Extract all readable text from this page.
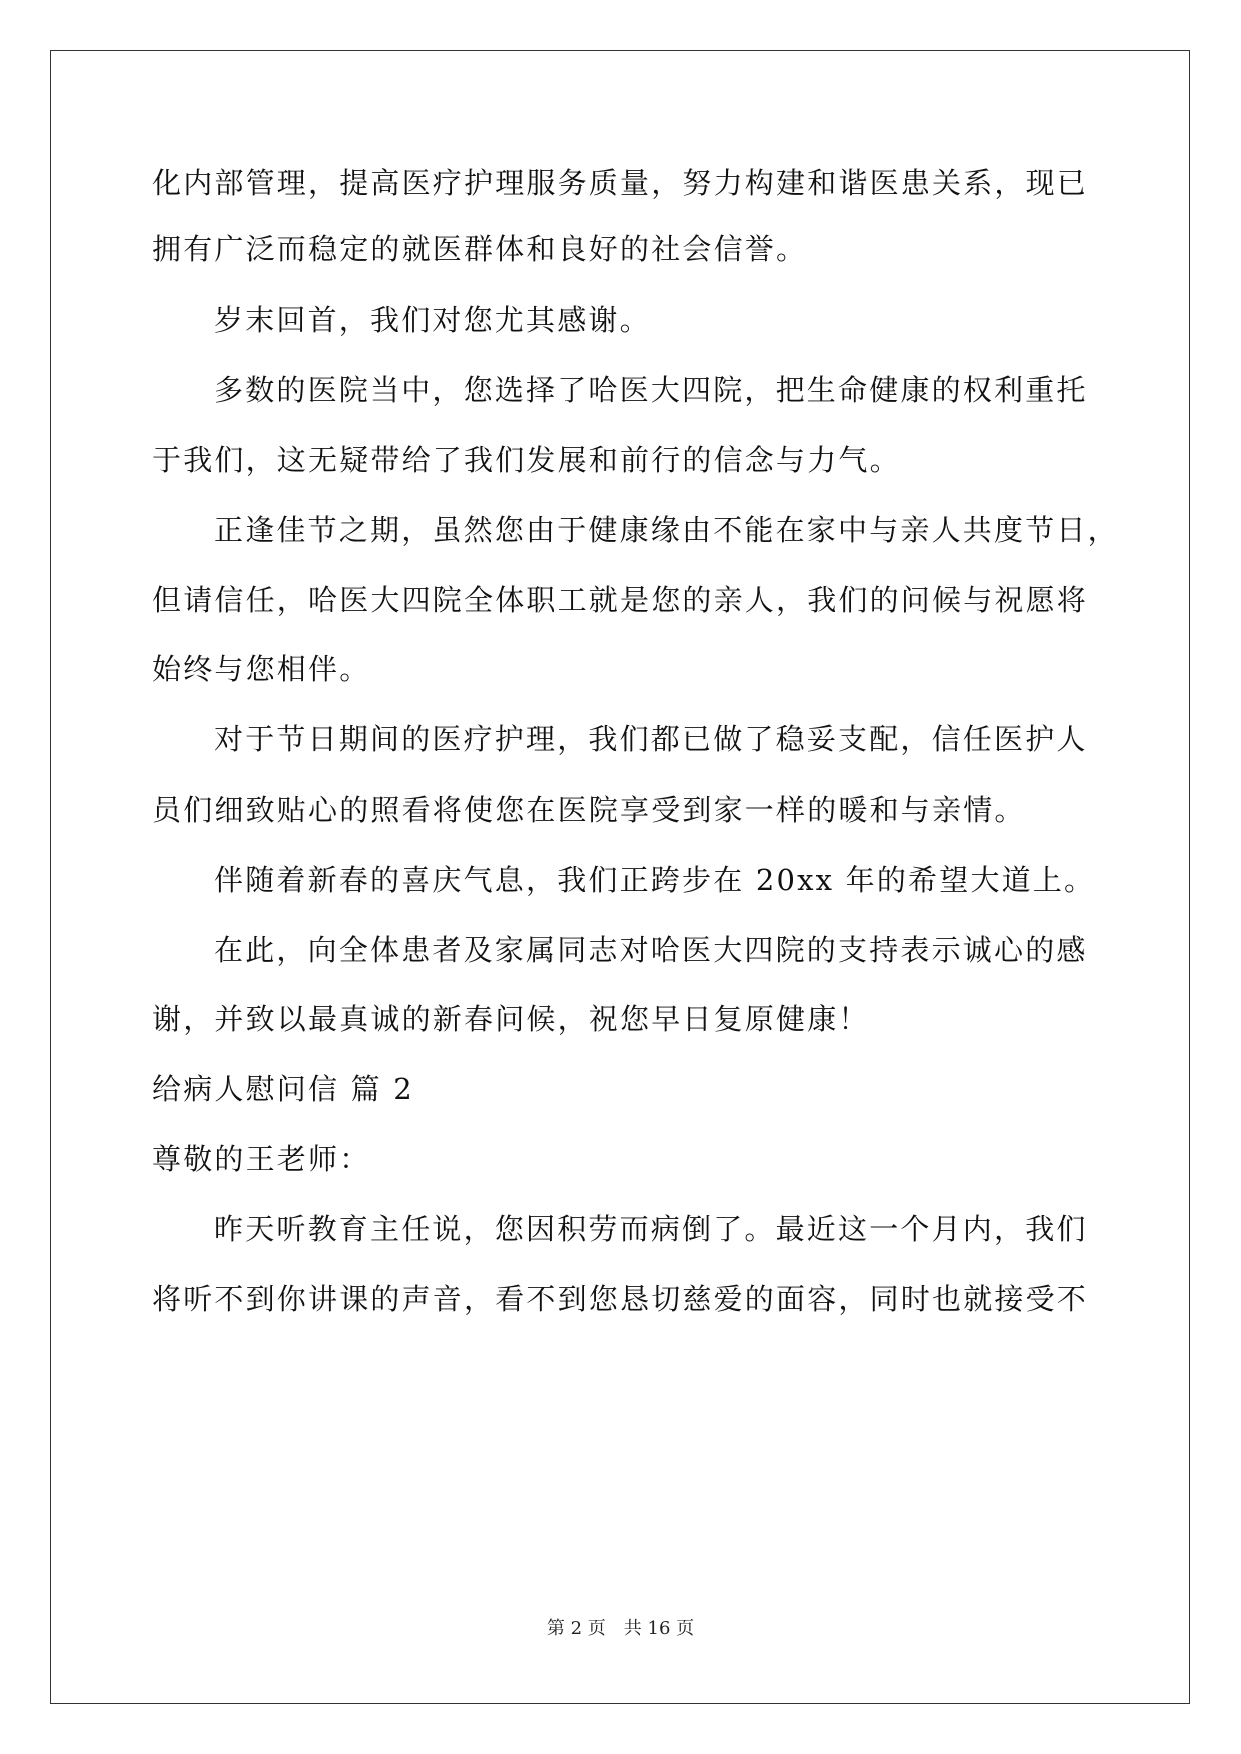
化内部管理，提高医疗护理服务质量，努力构建和谐医患关系，现已
拥有广泛而稳定的就医群体和良好的社会信誉。
岁末回首，我们对您尤其感谢。
多数的医院当中，您选择了哈医大四院，把生命健康的权利重托
于我们，这无疑带给了我们发展和前行的信念与力气。
正逢佳节之期，虽然您由于健康缘由不能在家中与亲人共度节日，
但请信任，哈医大四院全体职工就是您的亲人，我们的问候与祝愿将
始终与您相伴。
对于节日期间的医疗护理，我们都已做了稳妥支配，信任医护人
员们细致贴心的照看将使您在医院享受到家一样的暖和与亲情。
伴随着新春的喜庆气息，我们正跨步在 20xx 年的希望大道上。
在此，向全体患者及家属同志对哈医大四院的支持表示诚心的感
谢，并致以最真诚的新春问候，祝您早日复原健康！
给病人慰问信 篇 2
尊敬的王老师：
昨天听教育主任说，您因积劳而病倒了。最近这一个月内，我们
将听不到你讲课的声音，看不到您恳切慈爱的面容，同时也就接受不
第 2 页 共 16 页
